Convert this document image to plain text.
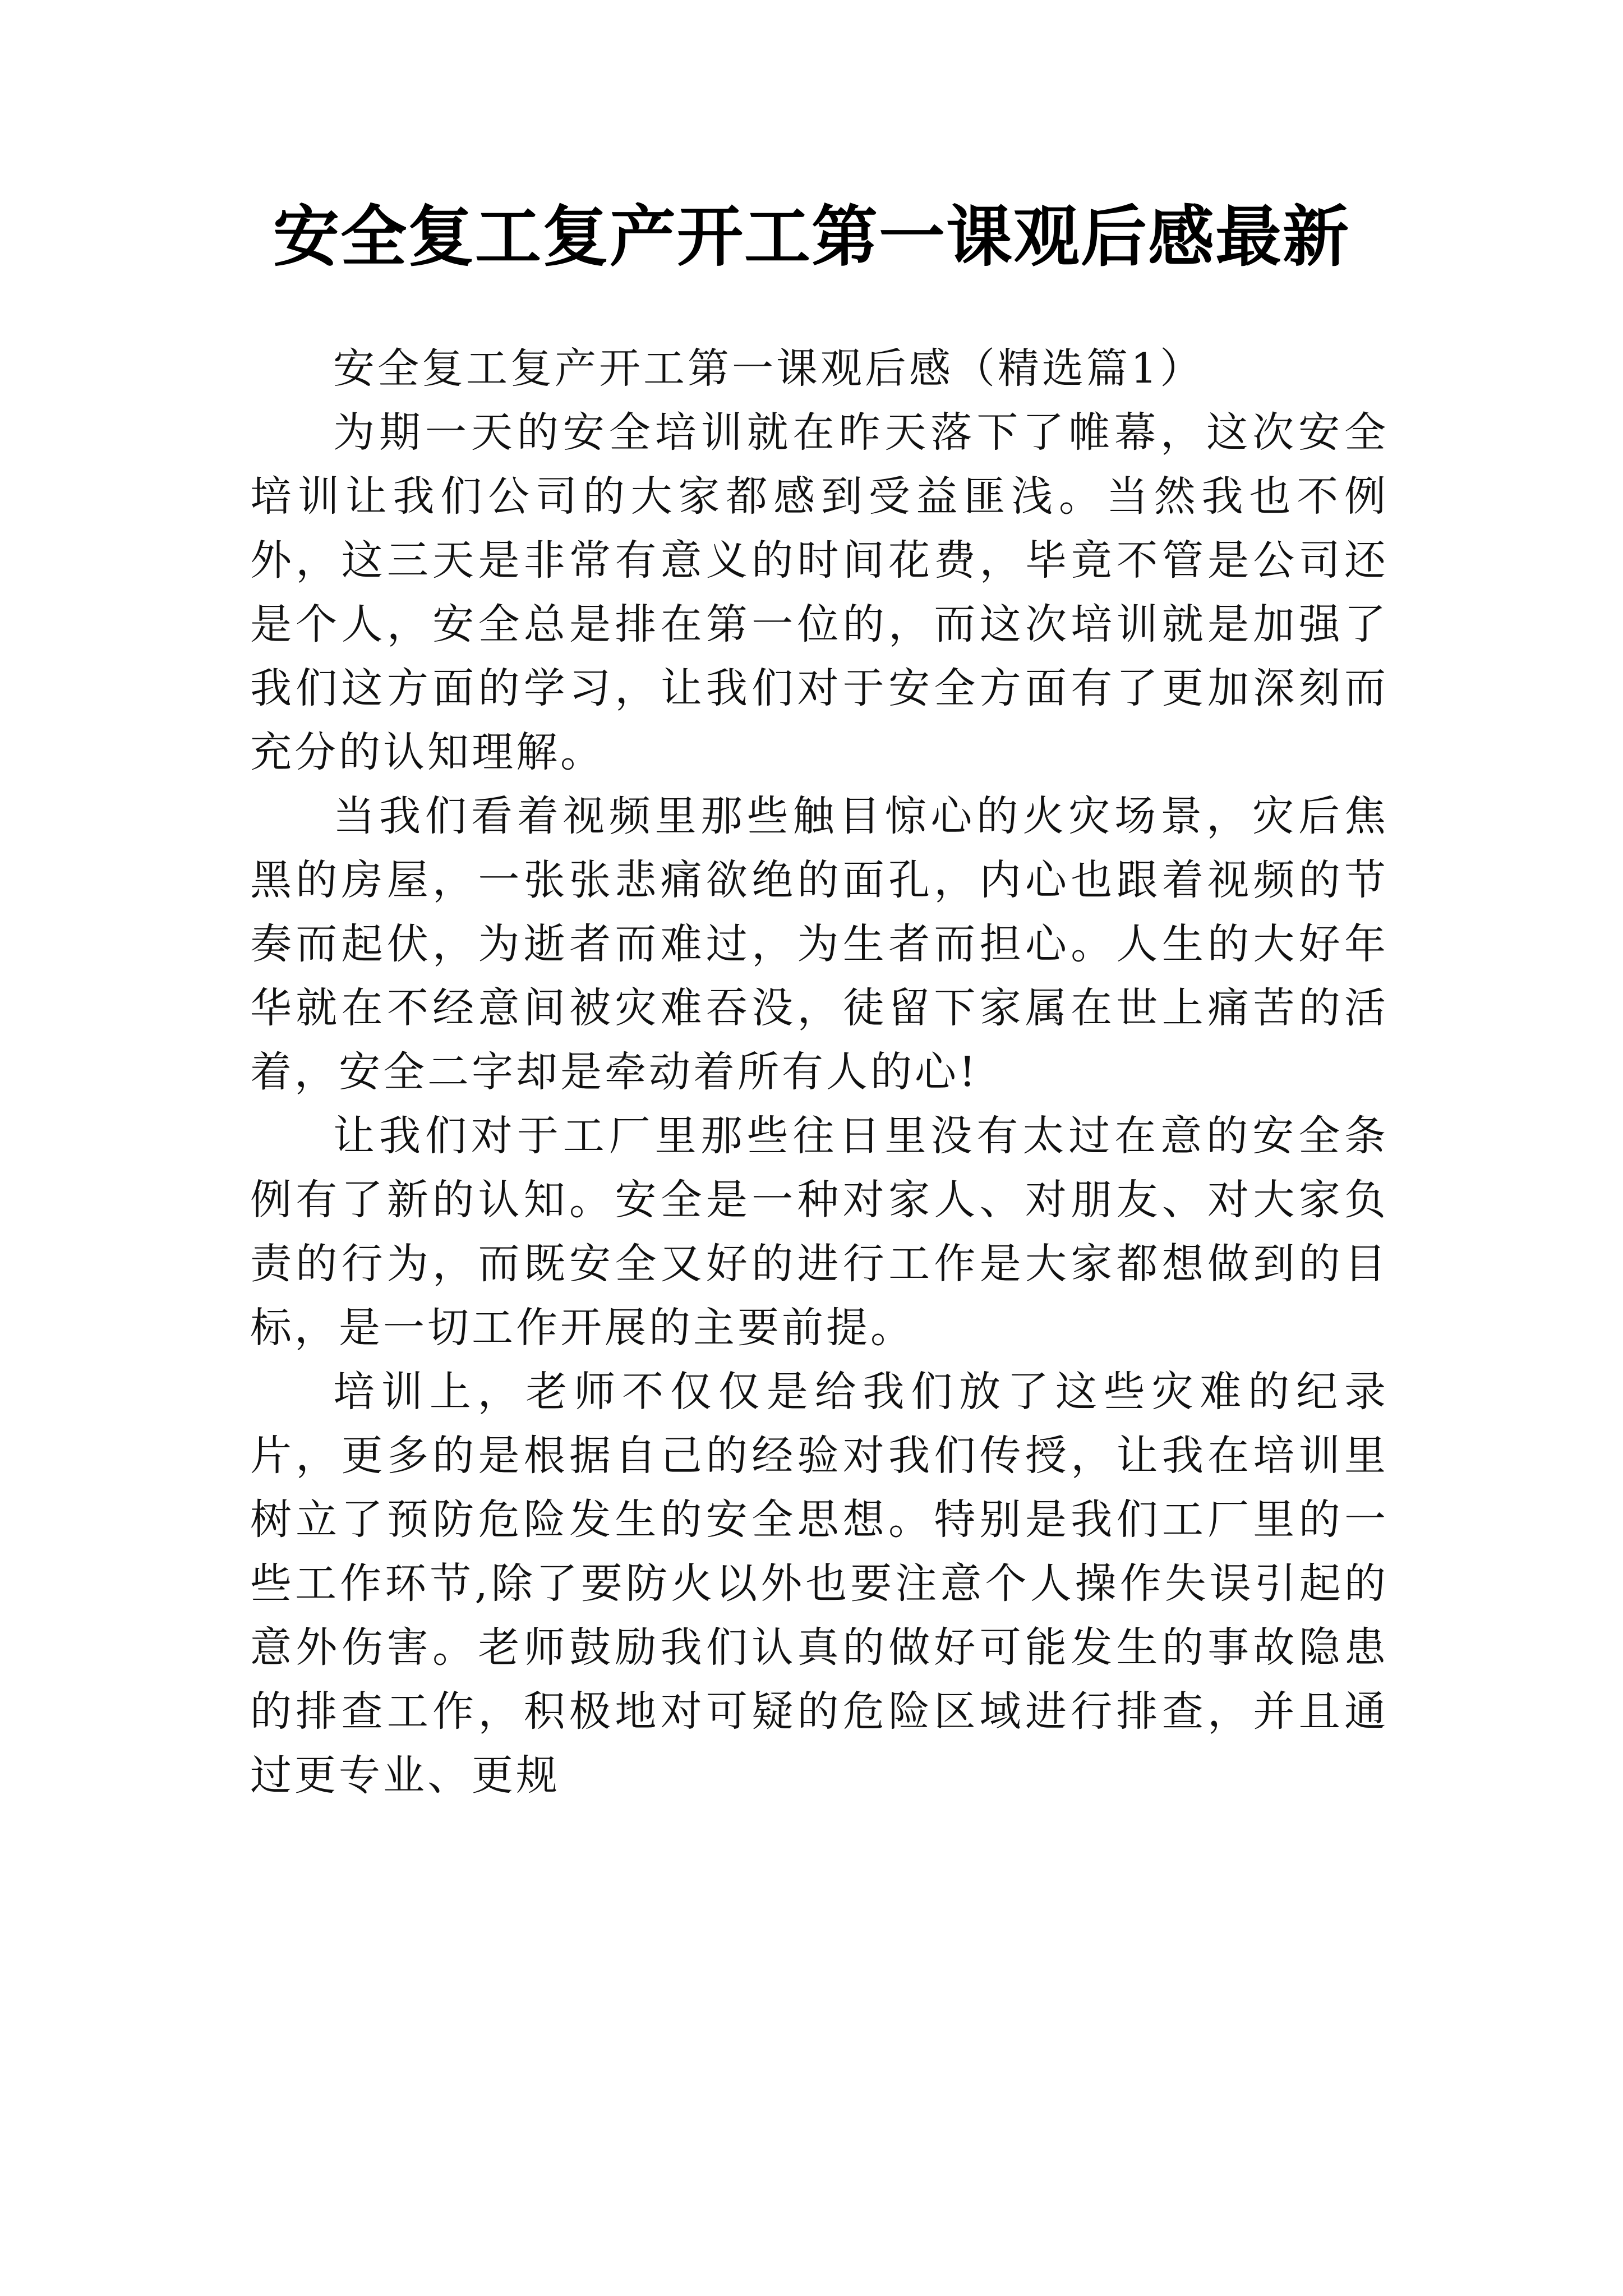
安全复工复产开工第一课观后感最新

安全复工复产开工第一课观后感（精选篇1）

为期一天的安全培训就在昨天落下了帷幕，这次安全培训让我们公司的大家都感到受益匪浅。当然我也不例外，这三天是非常有意义的时间花费，毕竟不管是公司还是个人，安全总是排在第一位的，而这次培训就是加强了我们这方面的学习，让我们对于安全方面有了更加深刻而充分的认知理解。

当我们看着视频里那些触目惊心的火灾场景，灾后焦黑的房屋，一张张悲痛欲绝的面孔，内心也跟着视频的节奏而起伏，为逝者而难过，为生者而担心。人生的大好年华就在不经意间被灾难吞没，徒留下家属在世上痛苦的活着，安全二字却是牵动着所有人的心!

让我们对于工厂里那些往日里没有太过在意的安全条例有了新的认知。安全是一种对家人、对朋友、对大家负责的行为，而既安全又好的进行工作是大家都想做到的目标，是一切工作开展的主要前提。

培训上，老师不仅仅是给我们放了这些灾难的纪录片，更多的是根据自己的经验对我们传授，让我在培训里树立了预防危险发生的安全思想。特别是我们工厂里的一些工作环节,除了要防火以外也要注意个人操作失误引起的意外伤害。老师鼓励我们认真的做好可能发生的事故隐患的排查工作，积极地对可疑的危险区域进行排查，并且通过更专业、更规
